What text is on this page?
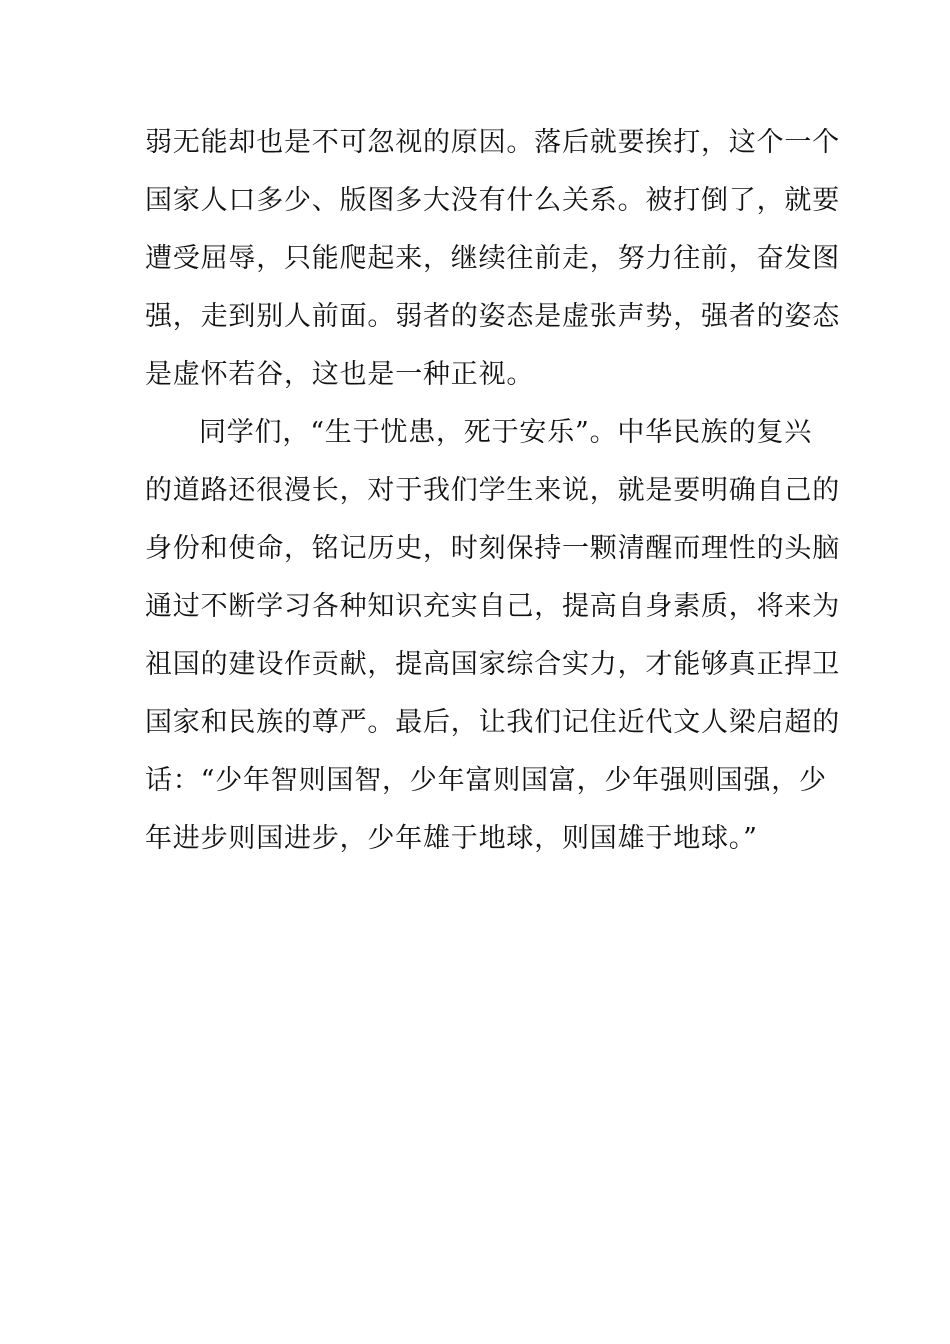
弱无能却也是不可忽视的原因。落后就要挨打，这个一个
国家人口多少、版图多大没有什么关系。被打倒了，就要
遭受屈辱，只能爬起来，继续往前走，努力往前，奋发图
强，走到别人前面。弱者的姿态是虚张声势，强者的姿态
是虚怀若谷，这也是一种正视。
同学们，“生于忧患，死于安乐”。中华民族的复兴
的道路还很漫长，对于我们学生来说，就是要明确自己的
身份和使命，铭记历史，时刻保持一颗清醒而理性的头脑
通过不断学习各种知识充实自己，提高自身素质，将来为
祖国的建设作贡献，提高国家综合实力，才能够真正捍卫
国家和民族的尊严。最后，让我们记住近代文人梁启超的
话：“少年智则国智，少年富则国富，少年强则国强，少
年进步则国进步，少年雄于地球，则国雄于地球。”
